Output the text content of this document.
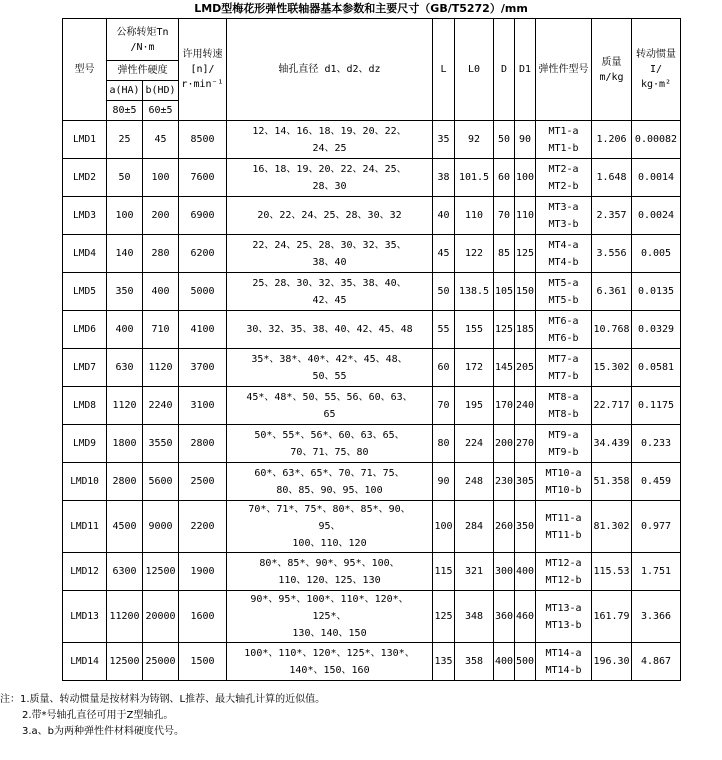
LMD型梅花形弹性联轴器基本参数和主要尺寸（GB/T5272）/mm
型号	公称转矩Tn /N·m		许用转速[n]/ r·min⁻¹	轴孔直径 d1、d2、dz	L	L0	D	D1	弹性件型号	质量m/kg	转动惯量I/ kg·m²
	弹性件硬度										
	a(HA)	b(HD)									
	80±5	60±5									
LMD1	25	45	8500	12、14、16、18、19、20、22、
24、25	35	92	50	90	MT1-a
MT1-b	1.206	0.00082
LMD2	50	100	7600	16、18、19、20、22、24、25、
28、30	38	101.5	60	100	MT2-a
MT2-b	1.648	0.0014
LMD3	100	200	6900	20、22、24、25、28、30、32	40	110	70	110	MT3-a
MT3-b	2.357	0.0024
LMD4	140	280	6200	22、24、25、28、30、32、35、
38、40	45	122	85	125	MT4-a
MT4-b	3.556	0.005
LMD5	350	400	5000	25、28、30、32、35、38、40、
42、45	50	138.5	105	150	MT5-a
MT5-b	6.361	0.0135
LMD6	400	710	4100	30、32、35、38、40、42、45、48	55	155	125	185	MT6-a
MT6-b	10.768	0.0329
LMD7	630	1120	3700	35*、38*、40*、42*、45、48、
50、55	60	172	145	205	MT7-a
MT7-b	15.302	0.0581
LMD8	1120	2240	3100	45*、48*、50、55、56、60、63、
65	70	195	170	240	MT8-a
MT8-b	22.717	0.1175
LMD9	1800	3550	2800	50*、55*、56*、60、63、65、
70、71、75、80	80	224	200	270	MT9-a
MT9-b	34.439	0.233
LMD10	2800	5600	2500	60*、63*、65*、70、71、75、
80、85、90、95、100	90	248	230	305	MT10-a
MT10-b	51.358	0.459
LMD11	4500	9000	2200	70*、71*、75*、80*、85*、90、
95、
100、110、120	100	284	260	350	MT11-a
MT11-b	81.302	0.977
LMD12	6300	12500	1900	80*、85*、90*、95*、100、
110、120、125、130	115	321	300	400	MT12-a
MT12-b	115.53	1.751
LMD13	11200	20000	1600	90*、95*、100*、110*、120*、
125*、
130、140、150	125	348	360	460	MT13-a
MT13-b	161.79	3.366
LMD14	12500	25000	1500	100*、110*、120*、125*、130*、
140*、150、160	135	358	400	500	MT14-a
MT14-b	196.30	4.867
注：1.质量、转动惯量是按材料为铸钢、L推荐、最大轴孔计算的近似值。
2.带*号轴孔直径可用于Z型轴孔。
3.a、b为两种弹性件材料硬度代号。
